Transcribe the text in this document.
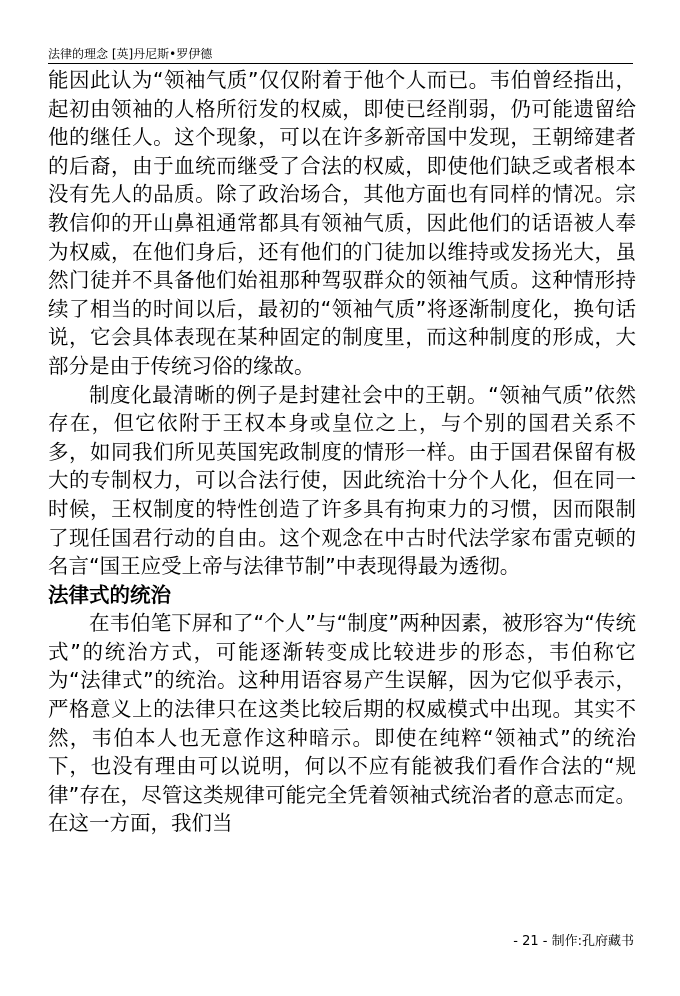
法律的理念 [英]丹尼斯•罗伊德

能因此认为“领袖气质”仅仅附着于他个人而已。韦伯曾经指出，起初由领袖的人格所衍发的权威，即使已经削弱，仍可能遗留给他的继任人。这个现象，可以在许多新帝国中发现，王朝缔建者的后裔，由于血统而继受了合法的权威，即使他们缺乏或者根本没有先人的品质。除了政治场合，其他方面也有同样的情况。宗教信仰的开山鼻祖通常都具有领袖气质，因此他们的话语被人奉为权威，在他们身后，还有他们的门徒加以维持或发扬光大，虽然门徒并不具备他们始祖那种驾驭群众的领袖气质。这种情形持续了相当的时间以后，最初的“领袖气质”将逐渐制度化，换句话说，它会具体表现在某种固定的制度里，而这种制度的形成，大部分是由于传统习俗的缘故。

制度化最清晰的例子是封建社会中的王朝。“领袖气质”依然存在，但它依附于王权本身或皇位之上，与个别的国君关系不多，如同我们所见英国宪政制度的情形一样。由于国君保留有极大的专制权力，可以合法行使，因此统治十分个人化，但在同一时候，王权制度的特性创造了许多具有拘束力的习惯，因而限制了现任国君行动的自由。这个观念在中古时代法学家布雷克顿的名言“国王应受上帝与法律节制”中表现得最为透彻。

法律式的统治

在韦伯笔下屏和了“个人”与“制度”两种因素，被形容为“传统式”的统治方式，可能逐渐转变成比较进步的形态，韦伯称它为“法律式”的统治。这种用语容易产生误解，因为它似乎表示，严格意义上的法律只在这类比较后期的权威模式中出现。其实不然，韦伯本人也无意作这种暗示。即使在纯粹“领袖式”的统治下，也没有理由可以说明，何以不应有能被我们看作合法的“规律”存在，尽管这类规律可能完全凭着领袖式统治者的意志而定。在这一方面，我们当

- 21 - 制作:孔府藏书
